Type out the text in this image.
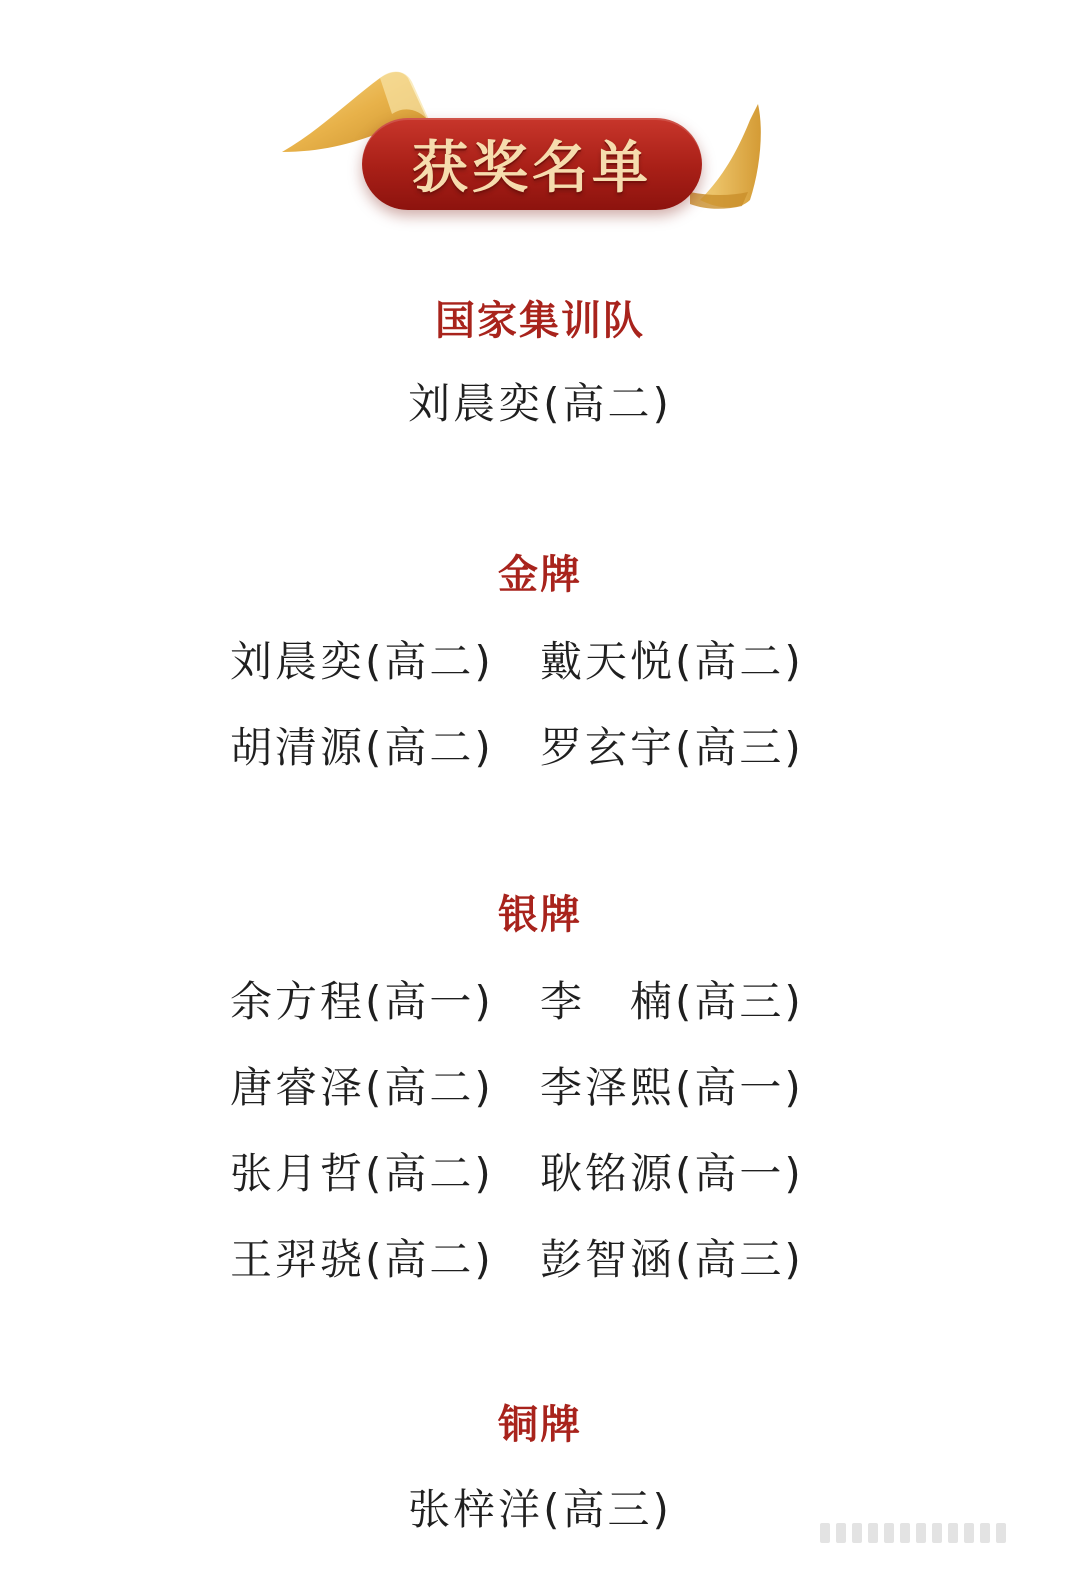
获奖名单
国家集训队
刘晨奕(高二)
金牌
刘晨奕(高二)	戴天悦(高二)
胡清源(高二)	罗玄宇(高三)
银牌
余方程(高一)	李　楠(高三)
唐睿泽(高二)	李泽熙(高一)
张月哲(高二)	耿铭源(高一)
王羿骁(高二)	彭智涵(高三)
铜牌
张梓洋(高三)
